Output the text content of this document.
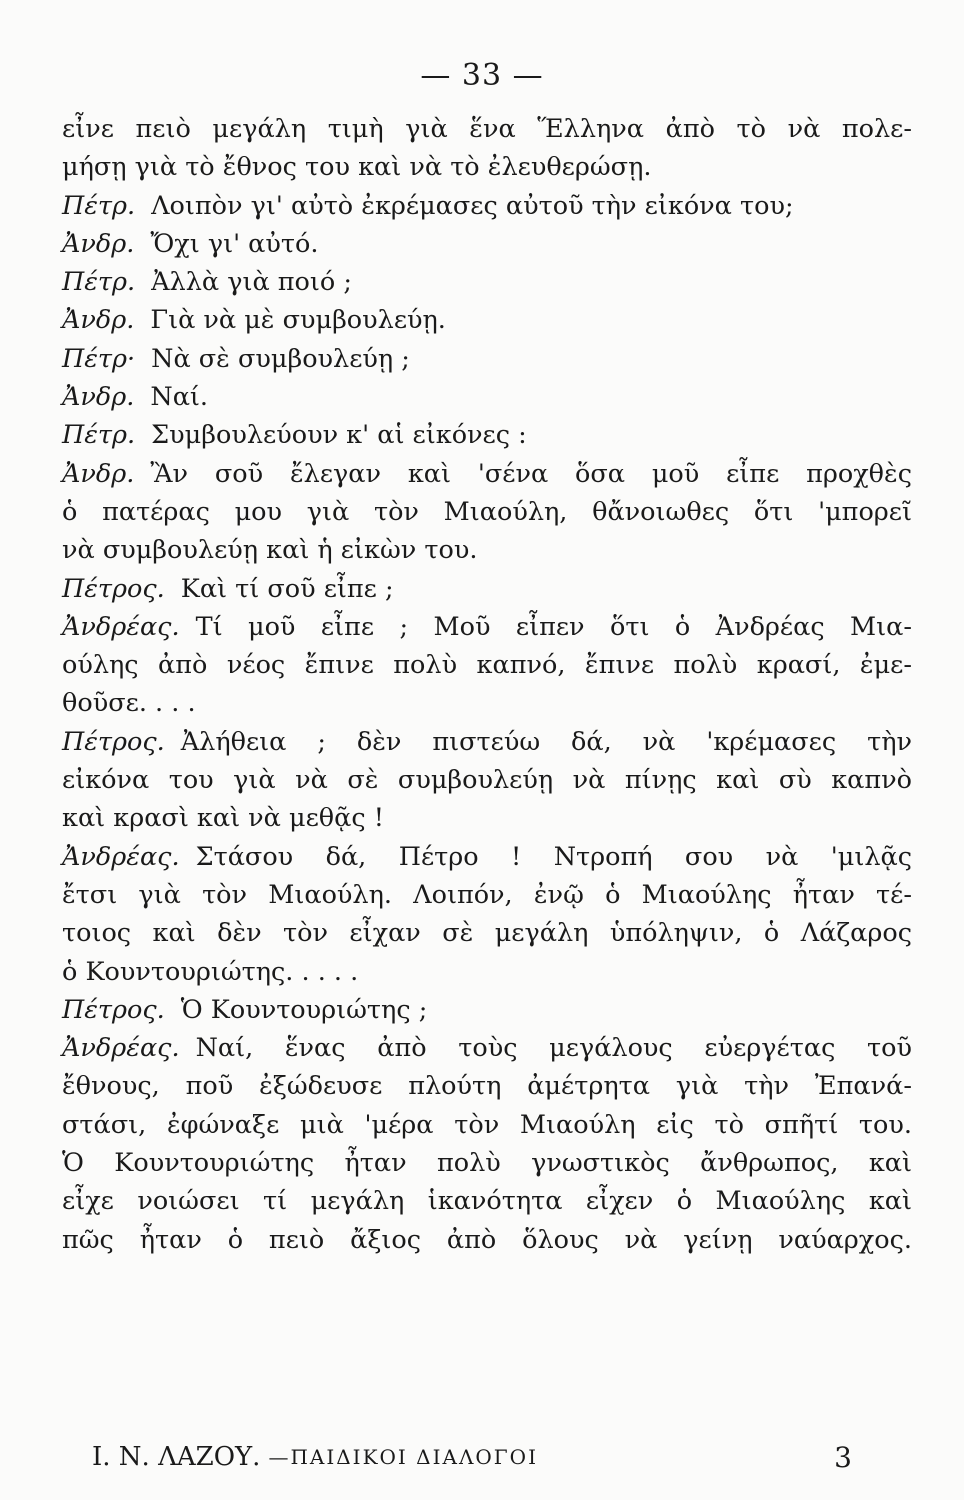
— 33 —
εἶνε πειὸ μεγάλη τιμὴ γιὰ ἕνα Ἕλληνα ἀπὸ τὸ νὰ πολε-
μήσῃ γιὰ τὸ ἔθνος του καὶ νὰ τὸ ἐλευθερώσῃ.
Πέτρ. Λοιπὸν γι' αὐτὸ ἐκρέμασες αὐτοῦ τὴν εἰκόνα του;
Ἀνδρ. Ὄχι γι' αὐτό.
Πέτρ. Ἀλλὰ γιὰ ποιό ;
Ἀνδρ. Γιὰ νὰ μὲ συμβουλεύῃ.
Πέτρ· Νὰ σὲ συμβουλεύῃ ;
Ἀνδρ. Ναί.
Πέτρ. Συμβουλεύουν κ' αἱ εἰκόνες :
Ἀνδρ. Ἂν σοῦ ἔλεγαν καὶ 'σένα ὅσα μοῦ εἶπε προχθὲς
ὁ πατέρας μου γιὰ τὸν Μιαούλη, θἄνοιωθες ὅτι 'μπορεῖ
νὰ συμβουλεύῃ καὶ ἡ εἰκὼν του.
Πέτρος. Καὶ τί σοῦ εἶπε ;
Ἀνδρέας. Τί μοῦ εἶπε ; Μοῦ εἶπεν ὅτι ὁ Ἀνδρέας Μια-
ούλης ἀπὸ νέος ἔπινε πολὺ καπνό, ἔπινε πολὺ κρασί, ἐμε-
θοῦσε. . . .
Πέτρος. Ἀλήθεια ; δὲν πιστεύω δά, νὰ 'κρέμασες τὴν
εἰκόνα του γιὰ νὰ σὲ συμβουλεύῃ νὰ πίνῃς καὶ σὺ καπνὸ
καὶ κρασὶ καὶ νὰ μεθᾷς !
Ἀνδρέας. Στάσου δά, Πέτρο ! Ντροπή σου νὰ 'μιλᾷς
ἔτσι γιὰ τὸν Μιαούλη. Λοιπόν, ἐνῷ ὁ Μιαούλης ἦταν τέ-
τοιος καὶ δὲν τὸν εἶχαν σὲ μεγάλη ὑπόληψιν, ὁ Λάζαρος
ὁ Κουντουριώτης. . . . .
Πέτρος. Ὁ Κουντουριώτης ;
Ἀνδρέας. Ναί, ἕνας ἀπὸ τοὺς μεγάλους εὐεργέτας τοῦ
ἔθνους, ποῦ ἐξώδευσε πλούτη ἀμέτρητα γιὰ τὴν Ἐπανά-
στάσι, ἐφώναξε μιὰ 'μέρα τὸν Μιαούλη εἰς τὸ σπῆτί του.
Ὁ Κουντουριώτης ἦταν πολὺ γνωστικὸς ἄνθρωπος, καὶ
εἶχε νοιώσει τί μεγάλη ἱκανότητα εἶχεν ὁ Μιαούλης καὶ
πῶς ἦταν ὁ πειὸ ἄξιος ἀπὸ ὅλους νὰ γείνῃ ναύαρχος.
Ι. Ν. ΛΑΖΟΥ. —ΠΑΙΔΙΚΟΙ ΔΙΑΛΟΓΟΙ	3
